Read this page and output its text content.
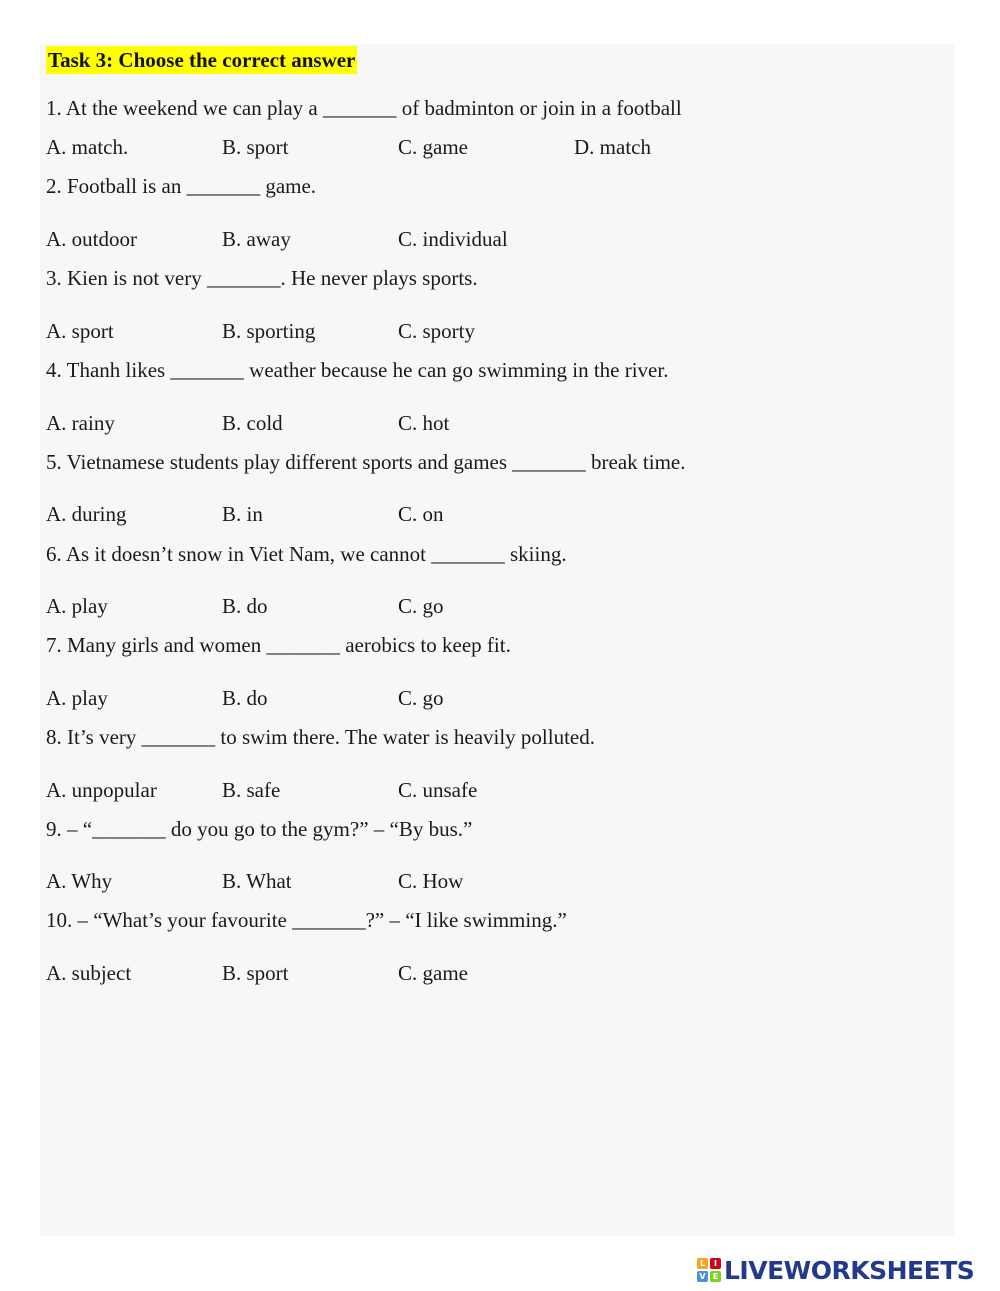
Task 3: Choose the correct answer
1. At the weekend we can play a _______ of badminton or join in a football
A. match.	B. sport	C. game	D. match
2. Football is an _______ game.
A. outdoor	B. away	C. individual
3. Kien is not very _______. He never plays sports.
A. sport	B. sporting	C. sporty
4. Thanh likes _______ weather because he can go swimming in the river.
A. rainy	B. cold	C. hot
5. Vietnamese students play different sports and games _______ break time.
A. during	B. in	C. on
6. As it doesn’t snow in Viet Nam, we cannot _______ skiing.
A. play	B. do	C. go
7. Many girls and women _______ aerobics to keep fit.
A. play	B. do	C. go
8. It’s very _______ to swim there. The water is heavily polluted.
A. unpopular	B. safe	C. unsafe
9. – “_______ do you go to the gym?” – “By bus.”
A. Why	B. What	C. How
10. – “What’s your favourite _______?” – “I like swimming.”
A. subject	B. sport	C. game
L	I
V E LIVEWORKSHEETS
